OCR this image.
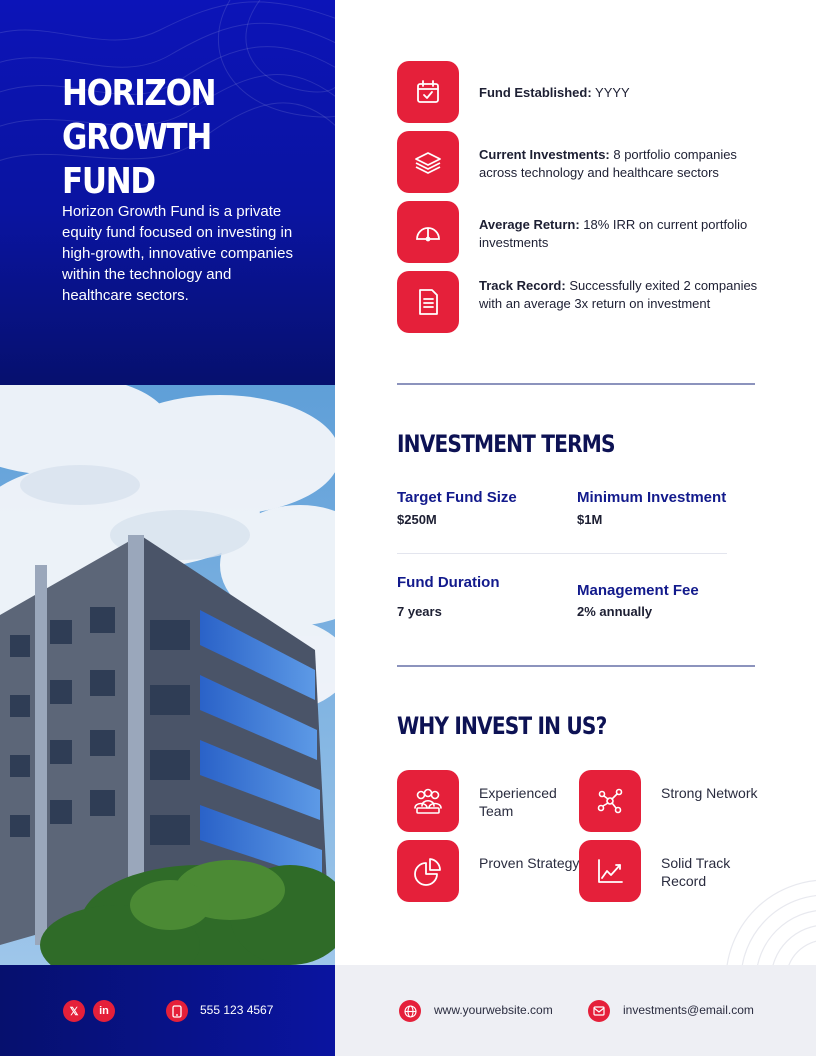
HORIZON
GROWTH FUND

Horizon Growth Fund is a private equity fund focused on investing in high-growth, innovative companies within the technology and healthcare sectors.

Fund Established: YYYY
Current Investments: 8 portfolio companies across technology and healthcare sectors
Average Return: 18% IRR on current portfolio investments
Track Record: Successfully exited 2 companies with an average 3x return on investment
INVESTMENT TERMS
Target Fund Size
$250M
Minimum Investment
$1M
Fund Duration
7 years
Management Fee
2% annually
WHY INVEST IN US?
Experienced Team
Strong Network
Proven Strategy	Solid Track Record
𝕏 in	555 123 4567	www.yourwebsite.com	investments@email.com
